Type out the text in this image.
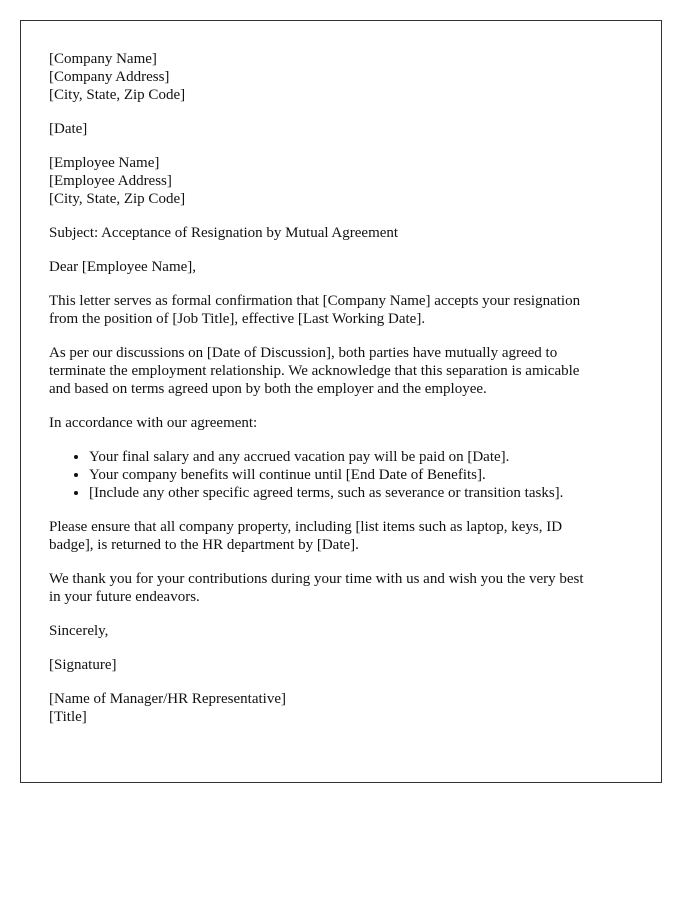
[Company Name]
[Company Address]
[City, State, Zip Code]
[Date]
[Employee Name]
[Employee Address]
[City, State, Zip Code]
Subject: Acceptance of Resignation by Mutual Agreement
Dear [Employee Name],
This letter serves as formal confirmation that [Company Name] accepts your resignation
from the position of [Job Title], effective [Last Working Date].
As per our discussions on [Date of Discussion], both parties have mutually agreed to
terminate the employment relationship. We acknowledge that this separation is amicable
and based on terms agreed upon by both the employer and the employee.
In accordance with our agreement:
• Your final salary and any accrued vacation pay will be paid on [Date].
• Your company benefits will continue until [End Date of Benefits].
• [Include any other specific agreed terms, such as severance or transition tasks].
Please ensure that all company property, including [list items such as laptop, keys, ID
badge], is returned to the HR department by [Date].
We thank you for your contributions during your time with us and wish you the very best
in your future endeavors.
Sincerely,
[Signature]
[Name of Manager/HR Representative]
[Title]
